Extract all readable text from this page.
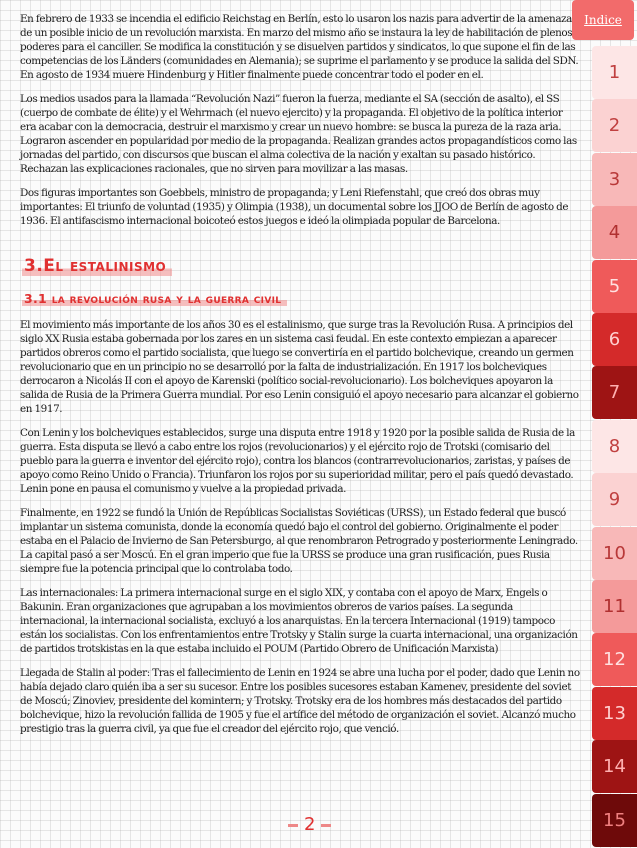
En febrero de 1933 se incendia el edificio Reichstag en Berlín, esto lo usaron los nazis para advertir de la amenaza de un posible inicio de un revolución marxista. En marzo del mismo año se instaura la ley de habilitación de plenos poderes para el canciller. Se modifica la constitución y se disuelven partidos y sindicatos, lo que supone el fin de las competencias de los Länders (comunidades en Alemania); se suprime el parlamento y se produce la salida del SDN. En agosto de 1934 muere Hindenburg y Hitler finalmente puede concentrar todo el poder en el.

Los medios usados para la llamada “Revolución Nazi” fueron la fuerza, mediante el SA (sección de asalto), el SS (cuerpo de combate de élite) y el Wehrmach (el nuevo ejercito) y la propaganda. El objetivo de la política interior era acabar con la democracia, destruir el marxismo y crear un nuevo hombre: se busca la pureza de la raza aria. Lograron ascender en popularidad por medio de la propaganda. Realizan grandes actos propagandísticos como las jornadas del partido, con discursos que buscan el alma colectiva de la nación y exaltan su pasado histórico. Rechazan las explicaciones racionales, que no sirven para movilizar a las masas.

Dos figuras importantes son Goebbels, ministro de propaganda; y Leni Riefenstahl, que creó dos obras muy importantes: El triunfo de voluntad (1935) y Olimpia (1938), un documental sobre los JJOO de Berlín de agosto de 1936. El antifascismo internacional boicoteó estos juegos e ideó la olimpiada popular de Barcelona.

3.El estalinismo
3.1 la revolución rusa y la guerra civil

El movimiento más importante de los años 30 es el estalinismo, que surge tras la Revolución Rusa. A principios del siglo XX Rusia estaba gobernada por los zares en un sistema casi feudal. En este contexto empiezan a aparecer partidos obreros como el partido socialista, que luego se convertiría en el partido bolchevique, creando un germen revolucionario que en un principio no se desarrolló por la falta de industrialización. En 1917 los bolcheviques derrocaron a Nicolás II con el apoyo de Karenski (político social-revolucionario). Los bolcheviques apoyaron la salida de Rusia de la Primera Guerra mundial. Por eso Lenin consiguió el apoyo necesario para alcanzar el gobierno en 1917.

Con Lenin y los bolcheviques establecidos, surge una disputa entre 1918 y 1920 por la posible salida de Rusia de la guerra. Esta disputa se llevó a cabo entre los rojos (revolucionarios) y el ejército rojo de Trotski (comisario del pueblo para la guerra e inventor del ejército rojo), contra los blancos (contrarrevolucionarios, zaristas, y países de apoyo como Reino Unido o Francia). Triunfaron los rojos por su superioridad militar, pero el país quedó devastado. Lenin pone en pausa el comunismo y vuelve a la propiedad privada.

Finalmente, en 1922 se fundó la Unión de Repúblicas Socialistas Soviéticas (URSS), un Estado federal que buscó implantar un sistema comunista, donde la economía quedó bajo el control del gobierno. Originalmente el poder estaba en el Palacio de Invierno de San Petersburgo, al que renombraron Petrogrado y posteriormente Leningrado. La capital pasó a ser Moscú. En el gran imperio que fue la URSS se produce una gran rusificación, pues Rusia siempre fue la potencia principal que lo controlaba todo.

Las internacionales: La primera internacional surge en el siglo XIX, y contaba con el apoyo de Marx, Engels o Bakunin. Eran organizaciones que agrupaban a los movimientos obreros de varios países. La segunda internacional, la internacional socialista, excluyó a los anarquistas. En la tercera Internacional (1919) tampoco están los socialistas. Con los enfrentamientos entre Trotsky y Stalin surge la cuarta internacional, una organización de partidos trotskistas en la que estaba incluido el POUM (Partido Obrero de Unificación Marxista)

Llegada de Stalin al poder: Tras el fallecimiento de Lenin en 1924 se abre una lucha por el poder, dado que Lenin no había dejado claro quién iba a ser su sucesor. Entre los posibles sucesores estaban Kamenev, presidente del soviet de Moscú; Zinoviev, presidente del komintern; y Trotsky. Trotsky era de los hombres más destacados del partido bolchevique, hizo la revolución fallida de 1905 y fue el artífice del método de organización el soviet. Alcanzó mucho prestigio tras la guerra civil, ya que fue el creador del ejército rojo, que venció.

2
Indice
1
2
3
4
5
6
7
8
9
10
11
12
13
14
15
